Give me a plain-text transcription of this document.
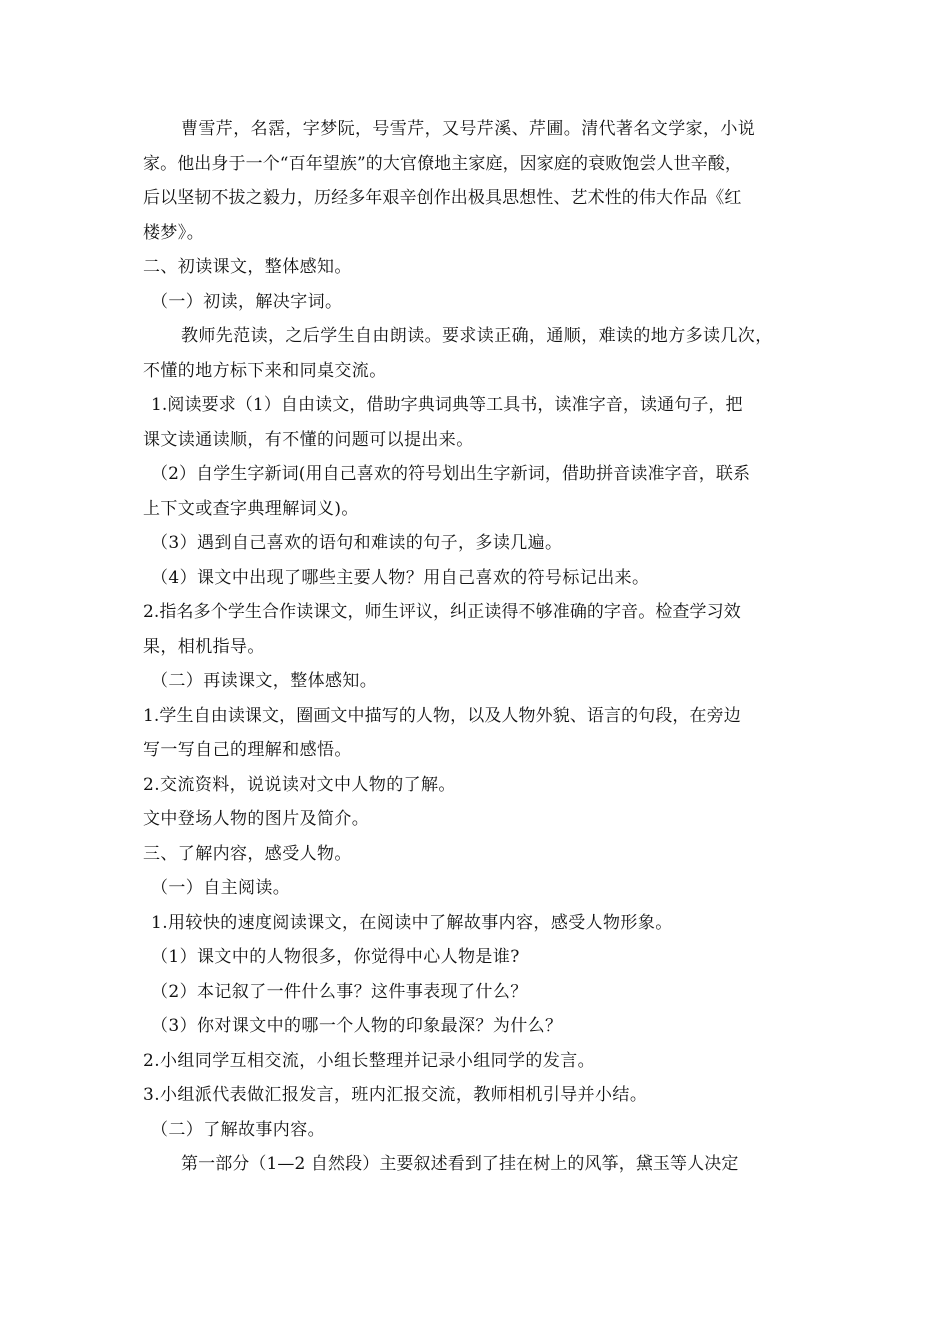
曹雪芹，名霑，字梦阮，号雪芹，又号芹溪、芹圃。清代著名文学家，小说
家。他出身于一个“百年望族”的大官僚地主家庭，因家庭的衰败饱尝人世辛酸，
后以坚韧不拔之毅力，历经多年艰辛创作出极具思想性、艺术性的伟大作品《红
楼梦》。
二、初读课文，整体感知。
（一）初读，解决字词。
教师先范读，之后学生自由朗读。要求读正确，通顺，难读的地方多读几次，
不懂的地方标下来和同桌交流。
1.阅读要求（1）自由读文，借助字典词典等工具书，读准字音，读通句子，把
课文读通读顺，有不懂的问题可以提出来。
（2）自学生字新词(用自己喜欢的符号划出生字新词，借助拼音读准字音，联系
上下文或查字典理解词义)。
（3）遇到自己喜欢的语句和难读的句子，多读几遍。
（4）课文中出现了哪些主要人物？用自己喜欢的符号标记出来。
2.指名多个学生合作读课文，师生评议，纠正读得不够准确的字音。检查学习效
果，相机指导。
（二）再读课文，整体感知。
1.学生自由读课文，圈画文中描写的人物，以及人物外貌、语言的句段，在旁边
写一写自己的理解和感悟。
2.交流资料，说说读对文中人物的了解。
文中登场人物的图片及简介。
三、了解内容，感受人物。
（一）自主阅读。
1.用较快的速度阅读课文，在阅读中了解故事内容，感受人物形象。
（1）课文中的人物很多，你觉得中心人物是谁?
（2）本记叙了一件什么事？这件事表现了什么？
（3）你对课文中的哪一个人物的印象最深？为什么？
2.小组同学互相交流，小组长整理并记录小组同学的发言。
3.小组派代表做汇报发言，班内汇报交流，教师相机引导并小结。
（二）了解故事内容。
第一部分（1—2 自然段）主要叙述看到了挂在树上的风筝，黛玉等人决定
